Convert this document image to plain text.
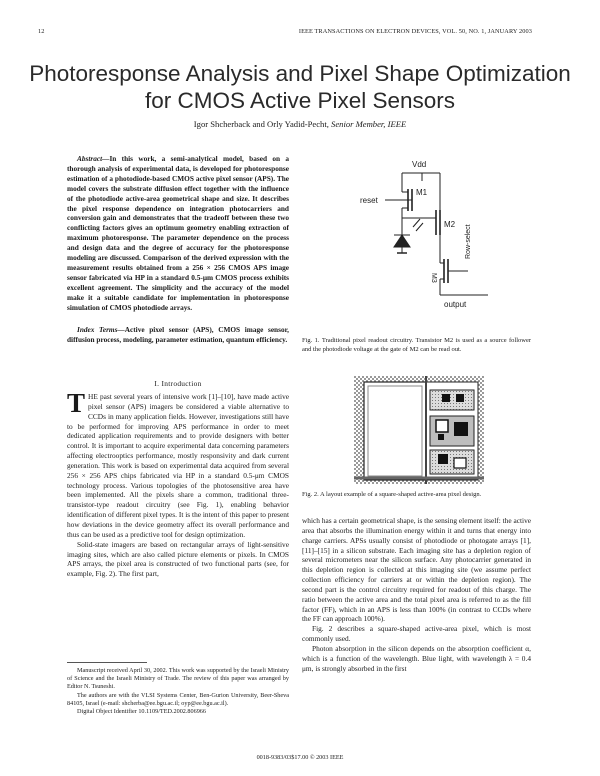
12	IEEE TRANSACTIONS ON ELECTRON DEVICES, VOL. 50, NO. 1, JANUARY 2003
Photoresponse Analysis and Pixel Shape Optimization
for CMOS Active Pixel Sensors
Igor Shcherback and Orly Yadid-Pecht, Senior Member, IEEE
Abstract—In this work, a semi-analytical model, based on a thorough analysis of experimental data, is developed for photoresponse estimation of a photodiode-based CMOS active pixel sensor (APS). The model covers the substrate diffusion effect together with the influence of the photodiode active-area geometrical shape and size. It describes the pixel response dependence on integration photocarriers and conversion gain and demonstrates that the tradeoff between these two conflicting factors gives an optimum geometry enabling extraction of maximum photoresponse. The parameter dependence on the process and design data and the degree of accuracy for the photoresponse modeling are discussed. Comparison of the derived expression with the measurement results obtained from a 256 × 256 CMOS APS image sensor fabricated via HP in a standard 0.5-μm CMOS process exhibits excellent agreement. The simplicity and the accuracy of the model make it a suitable candidate for implementation in photoresponse simulation of CMOS photodiode arrays.
Index Terms—Active pixel sensor (APS), CMOS image sensor, diffusion process, modeling, parameter estimation, quantum efficiency.
I. Introduction

THE past several years of intensive work [1]–[10], have made active pixel sensor (APS) imagers be considered a viable alternative to CCDs in many application fields. However, investigations still have to be performed for improving APS performance in order to meet dedicated application requirements and to provide designers with better control. It is important to acquire experimental data concerning parameters affecting electrooptics performance, mostly responsivity and dark current generation. This work is based on experimental data acquired from several 256 × 256 APS chips fabricated via HP in a standard 0.5-μm CMOS technology process. Various topologies of the photosensitive area have been implemented. All the pixels share a common, traditional three-transistor-type readout circuitry (see Fig. 1), enabling behavior identification of different pixel types. It is the intent of this paper to present how deviations in the device geometry affect its overall performance and thus can be used as a predictive tool for design optimization.

Solid-state imagers are based on rectangular arrays of light-sensitive imaging sites, which are also called picture elements or pixels. In CMOS APS arrays, the pixel area is constructed of two functional parts (see, for example, Fig. 2). The first part,

Manuscript received April 30, 2002. This work was supported by the Israeli Ministry of Science and the Israeli Ministry of Trade. The review of this paper was arranged by Editor N. Tsuneshi.

The authors are with the VLSI Systems Center, Ben-Gurion University, Beer-Sheva 84105, Israel (e-mail: shcherba@ee.bgu.ac.il; oyp@ee.bgu.ac.il).

Digital Object Identifier 10.1109/TED.2002.806966

Vdd
reset
M1
M2
M3
Row-select
output
Fig. 1. Traditional pixel readout circuitry. Transistor M2 is used as a source follower and the photodiode voltage at the gate of M2 can be read out.
Fig. 2. A layout example of a square-shaped active-area pixel design.

which has a certain geometrical shape, is the sensing element itself: the active area that absorbs the illumination energy within it and turns that energy into charge carriers. APSs usually consist of photodiode or photogate arrays [1], [11]–[15] in a silicon substrate. Each imaging site has a depletion region of several micrometers near the silicon surface. Any photocarrier generated in this depletion region is collected at this imaging site (we assume perfect collection efficiency for carriers at or within the depletion region). The second part is the control circuitry required for readout of this charge. The ratio between the active area and the total pixel area is referred to as the fill factor (FF), which in an APS is less than 100% (in contrast to CCDs where the FF can approach 100%).

Fig. 2 describes a square-shaped active-area pixel, which is most commonly used.

Photon absorption in the silicon depends on the absorption coefficient α, which is a function of the wavelength. Blue light, with wavelength λ = 0.4 μm, is strongly absorbed in the first

0018-9383/03$17.00 © 2003 IEEE
